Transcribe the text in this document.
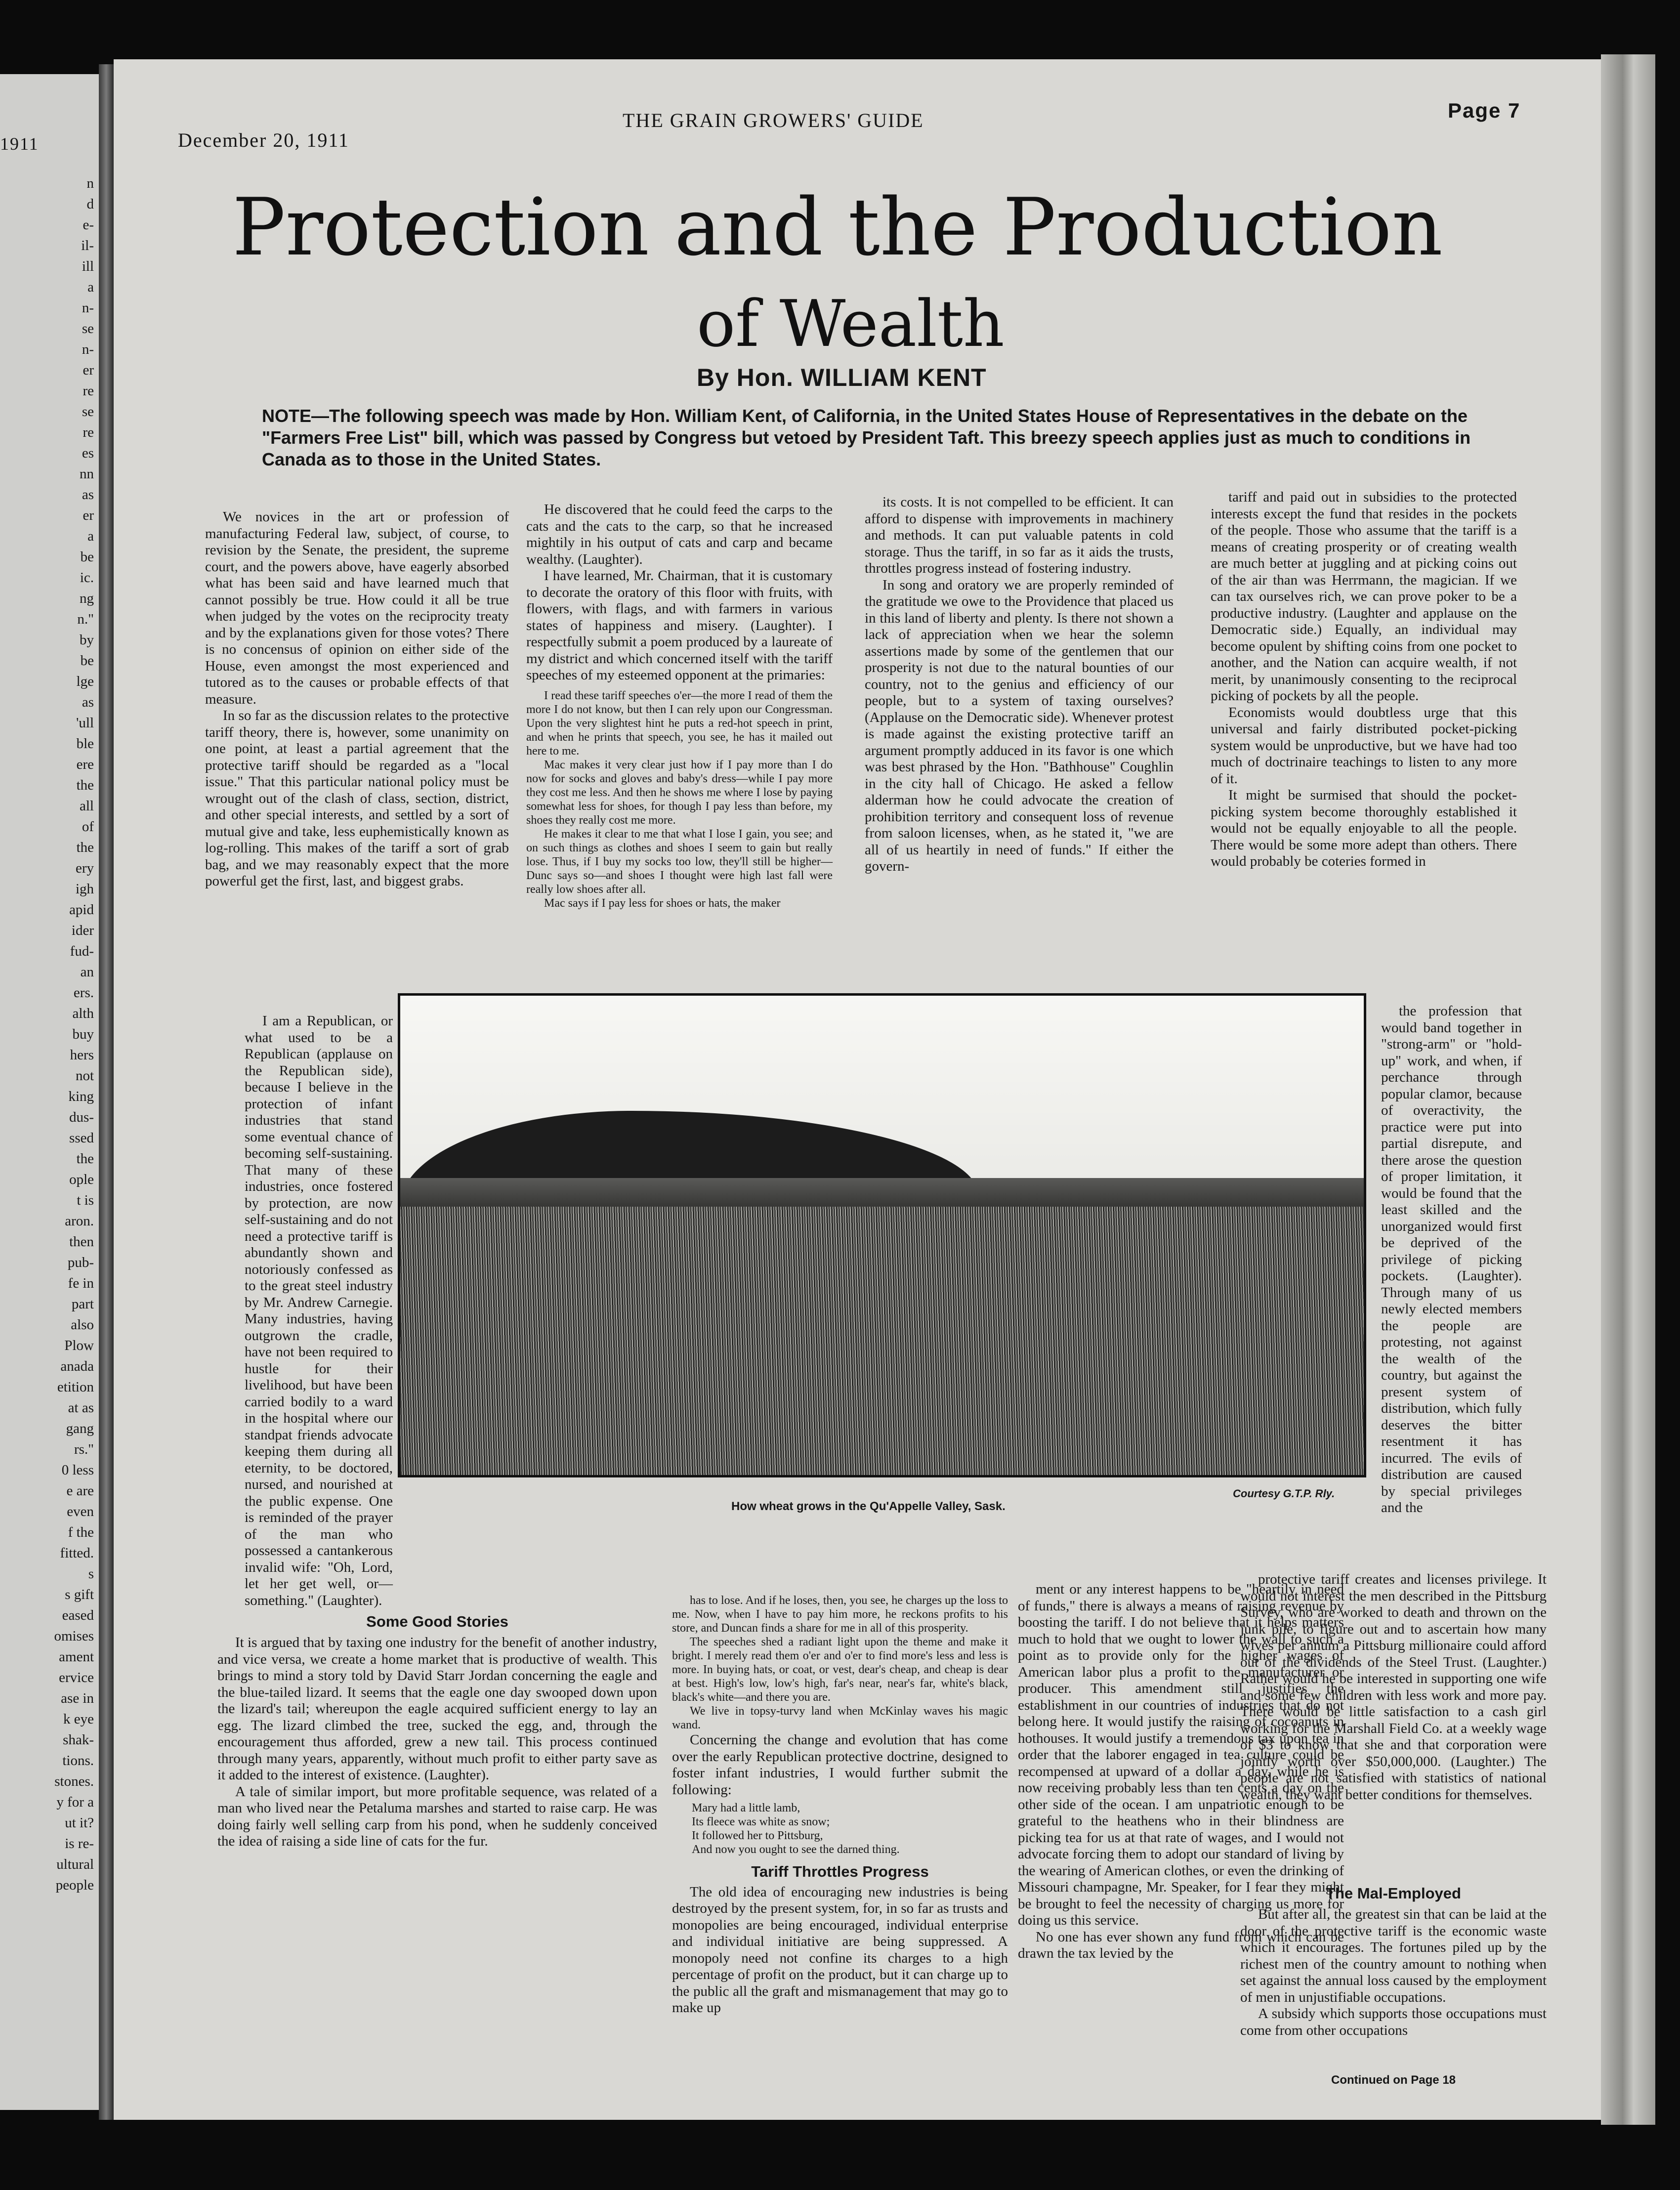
1911
n
d
e-
il-
ill
a
n-
se
n-
er
re
se
re
es
nn
as
er
a
be
ic.
ng
n."
by
be
lge
as
'ull
ble
ere
the
all
of
the
ery
igh
apid
ider
fud-
an
ers.
alth
buy
hers
not
king
dus-
ssed
the
ople
t is
aron.
then
pub-
fe in
part
also
Plow
anada
etition
at as
gang
rs."
0 less
e are
even
f the
fitted.
s
s gift
eased
omises
ament
ervice
ase in
k eye
shak-
tions.
stones.
y for a
ut it?
is re-
ultural
people
December 20, 1911
THE GRAIN GROWERS' GUIDE	Page 7
Protection and the Production
of Wealth
By Hon. WILLIAM KENT
NOTE—The following speech was made by Hon. William Kent, of California, in the United States House of Representatives in the debate on the "Farmers Free List" bill, which was passed by Congress but vetoed by President Taft. This breezy speech applies just as much to conditions in Canada as to those in the United States.

We novices in the art or profession of manufacturing Federal law, subject, of course, to revision by the Senate, the president, the supreme court, and the powers above, have eagerly absorbed what has been said and have learned much that cannot possibly be true. How could it all be true when judged by the votes on the reciprocity treaty and by the explanations given for those votes? There is no concensus of opinion on either side of the House, even amongst the most experienced and tutored as to the causes or probable effects of that measure.

In so far as the discussion relates to the protective tariff theory, there is, however, some unanimity on one point, at least a partial agreement that the protective tariff should be regarded as a "local issue." That this particular national policy must be wrought out of the clash of class, section, district, and other special interests, and settled by a sort of mutual give and take, less euphemistically known as log-rolling. This makes of the tariff a sort of grab bag, and we may reasonably expect that the more powerful get the first, last, and biggest grabs.

I am a Republican, or what used to be a Republican (applause on the Republican side), because I believe in the protection of infant industries that stand some eventual chance of becoming self-sustaining. That many of these industries, once fostered by protection, are now self-sustaining and do not need a protective tariff is abundantly shown and notoriously confessed as to the great steel industry by Mr. Andrew Carnegie. Many industries, having outgrown the cradle, have not been required to hustle for their livelihood, but have been carried bodily to a ward in the hospital where our standpat friends advocate keeping them during all eternity, to be doctored, nursed, and nourished at the public expense. One is reminded of the prayer of the man who possessed a cantankerous invalid wife: "Oh, Lord, let her get well, or—something." (Laughter).

Some Good Stories

It is argued that by taxing one industry for the benefit of another industry, and vice versa, we create a home market that is productive of wealth. This brings to mind a story told by David Starr Jordan concerning the eagle and the blue-tailed lizard. It seems that the eagle one day swooped down upon the lizard's tail; whereupon the eagle acquired sufficient energy to lay an egg. The lizard climbed the tree, sucked the egg, and, through the encouragement thus afforded, grew a new tail. This process continued through many years, apparently, without much profit to either party save as it added to the interest of existence. (Laughter).

A tale of similar import, but more profitable sequence, was related of a man who lived near the Petaluma marshes and started to raise carp. He was doing fairly well selling carp from his pond, when he suddenly conceived the idea of raising a side line of cats for the fur.

He discovered that he could feed the carps to the cats and the cats to the carp, so that he increased mightily in his output of cats and carp and became wealthy. (Laughter).

I have learned, Mr. Chairman, that it is customary to decorate the oratory of this floor with fruits, with flowers, with flags, and with farmers in various states of happiness and misery. (Laughter). I respectfully submit a poem produced by a laureate of my district and which concerned itself with the tariff speeches of my esteemed opponent at the primaries:

I read these tariff speeches o'er—the more I read of them the more I do not know, but then I can rely upon our Congressman. Upon the very slightest hint he puts a red-hot speech in print, and when he prints that speech, you see, he has it mailed out here to me.

Mac makes it very clear just how if I pay more than I do now for socks and gloves and baby's dress—while I pay more they cost me less. And then he shows me where I lose by paying somewhat less for shoes, for though I pay less than before, my shoes they really cost me more.

He makes it clear to me that what I lose I gain, you see; and on such things as clothes and shoes I seem to gain but really lose. Thus, if I buy my socks too low, they'll still be higher—Dunc says so—and shoes I thought were high last fall were really low shoes after all.

Mac says if I pay less for shoes or hats, the maker

has to lose. And if he loses, then, you see, he charges up the loss to me. Now, when I have to pay him more, he reckons profits to his store, and Duncan finds a share for me in all of this prosperity.

The speeches shed a radiant light upon the theme and make it bright. I merely read them o'er and o'er to find more's less and less is more. In buying hats, or coat, or vest, dear's cheap, and cheap is dear at best. High's low, low's high, far's near, near's far, white's black, black's white—and there you are.

We live in topsy-turvy land when McKinlay waves his magic wand.

Concerning the change and evolution that has come over the early Republican protective doctrine, designed to foster infant industries, I would further submit the following:

Mary had a little lamb,
Its fleece was white as snow;
It followed her to Pittsburg,
And now you ought to see the darned thing.
Tariff Throttles Progress

The old idea of encouraging new industries is being destroyed by the present system, for, in so far as trusts and monopolies are being encouraged, individual enterprise and individual initiative are being suppressed. A monopoly need not confine its charges to a high percentage of profit on the product, but it can charge up to the public all the graft and mismanagement that may go to make up

its costs. It is not compelled to be efficient. It can afford to dispense with improvements in machinery and methods. It can put valuable patents in cold storage. Thus the tariff, in so far as it aids the trusts, throttles progress instead of fostering industry.

In song and oratory we are properly reminded of the gratitude we owe to the Providence that placed us in this land of liberty and plenty. Is there not shown a lack of appreciation when we hear the solemn assertions made by some of the gentlemen that our prosperity is not due to the natural bounties of our country, not to the genius and efficiency of our people, but to a system of taxing ourselves? (Applause on the Democratic side). Whenever protest is made against the existing protective tariff an argument promptly adduced in its favor is one which was best phrased by the Hon. "Bathhouse" Coughlin in the city hall of Chicago. He asked a fellow alderman how he could advocate the creation of prohibition territory and consequent loss of revenue from saloon licenses, when, as he stated it, "we are all of us heartily in need of funds." If either the govern-

ment or any interest happens to be "heartily in need of funds," there is always a means of raising revenue by boosting the tariff. I do not believe that it helps matters much to hold that we ought to lower the wall to such a point as to provide only for the higher wages of American labor plus a profit to the manufacturer or producer. This amendment still justifies the establishment in our countries of industries that do not belong here. It would justify the raising of cocoanuts in hothouses. It would justify a tremendous tax upon tea in order that the laborer engaged in tea culture could be recompensed at upward of a dollar a day, while he is now receiving probably less than ten cents a day on the other side of the ocean. I am unpatriotic enough to be grateful to the heathens who in their blindness are picking tea for us at that rate of wages, and I would not advocate forcing them to adopt our standard of living by the wearing of American clothes, or even the drinking of Missouri champagne, Mr. Speaker, for I fear they might be brought to feel the necessity of charging us more for doing us this service.

No one has ever shown any fund from which can be drawn the tax levied by the

tariff and paid out in subsidies to the protected interests except the fund that resides in the pockets of the people. Those who assume that the tariff is a means of creating prosperity or of creating wealth are much better at juggling and at picking coins out of the air than was Herrmann, the magician. If we can tax ourselves rich, we can prove poker to be a productive industry. (Laughter and applause on the Democratic side.) Equally, an individual may become opulent by shifting coins from one pocket to another, and the Nation can acquire wealth, if not merit, by unanimously consenting to the reciprocal picking of pockets by all the people.

Economists would doubtless urge that this universal and fairly distributed pocket-picking system would be unproductive, but we have had too much of doctrinaire teachings to listen to any more of it.

It might be surmised that should the pocket-picking system become thoroughly established it would not be equally enjoyable to all the people. There would be some more adept than others. There would probably be coteries formed in

the profession that would band together in "strong-arm" or "hold-up" work, and when, if perchance through popular clamor, because of overactivity, the practice were put into partial disrepute, and there arose the question of proper limitation, it would be found that the least skilled and the unorganized would first be deprived of the privilege of picking pockets. (Laughter). Through many of us newly elected members the people are protesting, not against the wealth of the country, but against the present system of distribution, which fully deserves the bitter resentment it has incurred. The evils of distribution are caused by special privileges and the

protective tariff creates and licenses privilege. It would not interest the men described in the Pittsburg Survey, who are worked to death and thrown on the junk pile, to figure out and to ascertain how many wives per annum a Pittsburg millionaire could afford out of the dividends of the Steel Trust. (Laughter.) Rather would he be interested in supporting one wife and some few children with less work and more pay. There would be little satisfaction to a cash girl working for the Marshall Field Co. at a weekly wage of $3 to know that she and that corporation were jointly worth over $50,000,000. (Laughter.) The people are not satisfied with statistics of national wealth, they want better conditions for themselves.

The Mal-Employed

But after all, the greatest sin that can be laid at the door of the protective tariff is the economic waste which it encourages. The fortunes piled up by the richest men of the country amount to nothing when set against the annual loss caused by the employment of men in unjustifiable occupations.

A subsidy which supports those occupations must come from other occupations

Continued on Page 18
How wheat grows in the Qu'Appelle Valley, Sask.
Courtesy G.T.P. Rly.
